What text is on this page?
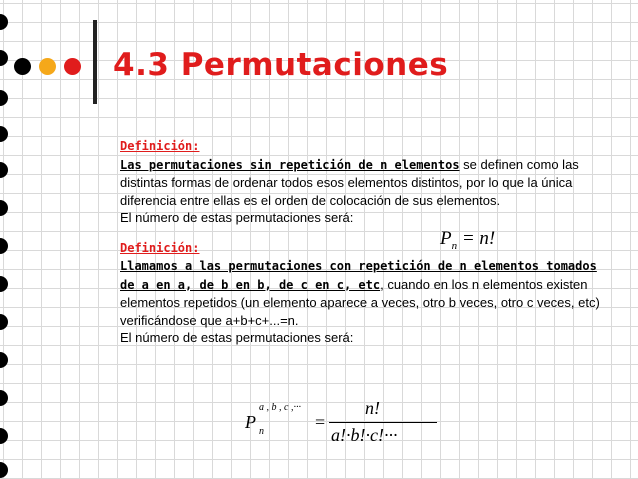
4.3 Permutaciones

Definición:

Las permutaciones sin repetición de n elementos se definen como las distintas formas de ordenar todos esos elementos distintos, por lo que la única diferencia entre ellas es el orden de colocación de sus elementos.

El número de estas permutaciones será:

Definición:

Llamamos a las permutaciones con repetición de n elementos tomados de a en a, de b en b, de c en c, etc, cuando en los n elementos existen elementos repetidos (un elemento aparece a veces, otro b veces, otro c veces, etc) verificándose que a+b+c+...=n.

El número de estas permutaciones será:

$P_n = n$!
P
a , b , c ,···
n	=
n!
a!·b!·c!···
